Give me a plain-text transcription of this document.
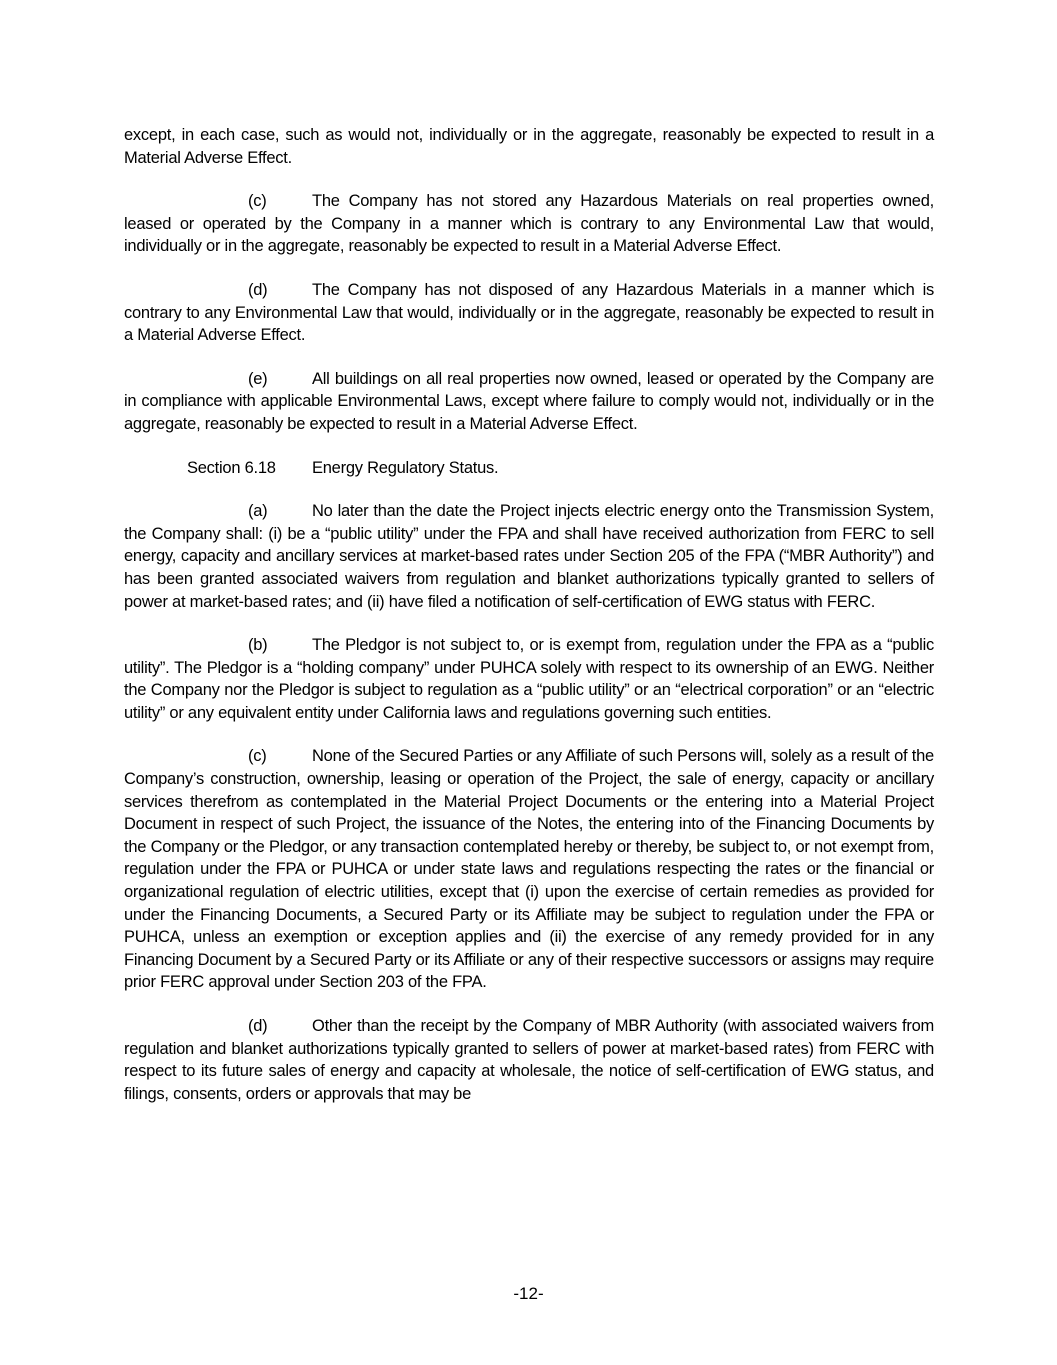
except, in each case, such as would not, individually or in the aggregate, reasonably be expected to result in a Material Adverse Effect.

(c)	The Company has not stored any Hazardous Materials on real properties owned, leased or operated by the Company in a manner which is contrary to any Environmental Law that would, individually or in the aggregate, reasonably be expected to result in a Material Adverse Effect.

(d)	The Company has not disposed of any Hazardous Materials in a manner which is contrary to any Environmental Law that would, individually or in the aggregate, reasonably be expected to result in a Material Adverse Effect.

(e)	All buildings on all real properties now owned, leased or operated by the Company are in compliance with applicable Environmental Laws, except where failure to comply would not, individually or in the aggregate, reasonably be expected to result in a Material Adverse Effect.

Section 6.18 Energy Regulatory Status.

(a)	No later than the date the Project injects electric energy onto the Transmission System, the Company shall: (i) be a “public utility” under the FPA and shall have received authorization from FERC to sell energy, capacity and ancillary services at market-based rates under Section 205 of the FPA (“MBR Authority”) and has been granted associated waivers from regulation and blanket authorizations typically granted to sellers of power at market-based rates; and (ii) have filed a notification of self-certification of EWG status with FERC.

(b)	The Pledgor is not subject to, or is exempt from, regulation under the FPA as a “public utility”. The Pledgor is a “holding company” under PUHCA solely with respect to its ownership of an EWG. Neither the Company nor the Pledgor is subject to regulation as a “public utility” or an “electrical corporation” or an “electric utility” or any equivalent entity under California laws and regulations governing such entities.

(c)	None of the Secured Parties or any Affiliate of such Persons will, solely as a result of the Company’s construction, ownership, leasing or operation of the Project, the sale of energy, capacity or ancillary services therefrom as contemplated in the Material Project Documents or the entering into a Material Project Document in respect of such Project, the issuance of the Notes, the entering into of the Financing Documents by the Company or the Pledgor, or any transaction contemplated hereby or thereby, be subject to, or not exempt from, regulation under the FPA or PUHCA or under state laws and regulations respecting the rates or the financial or organizational regulation of electric utilities, except that (i) upon the exercise of certain remedies as provided for under the Financing Documents, a Secured Party or its Affiliate may be subject to regulation under the FPA or PUHCA, unless an exemption or exception applies and (ii) the exercise of any remedy provided for in any Financing Document by a Secured Party or its Affiliate or any of their respective successors or assigns may require prior FERC approval under Section 203 of the FPA.

(d)	Other than the receipt by the Company of MBR Authority (with associated waivers from regulation and blanket authorizations typically granted to sellers of power at market-based rates) from FERC with respect to its future sales of energy and capacity at wholesale, the notice of self-certification of EWG status, and filings, consents, orders or approvals that may be

-12-
